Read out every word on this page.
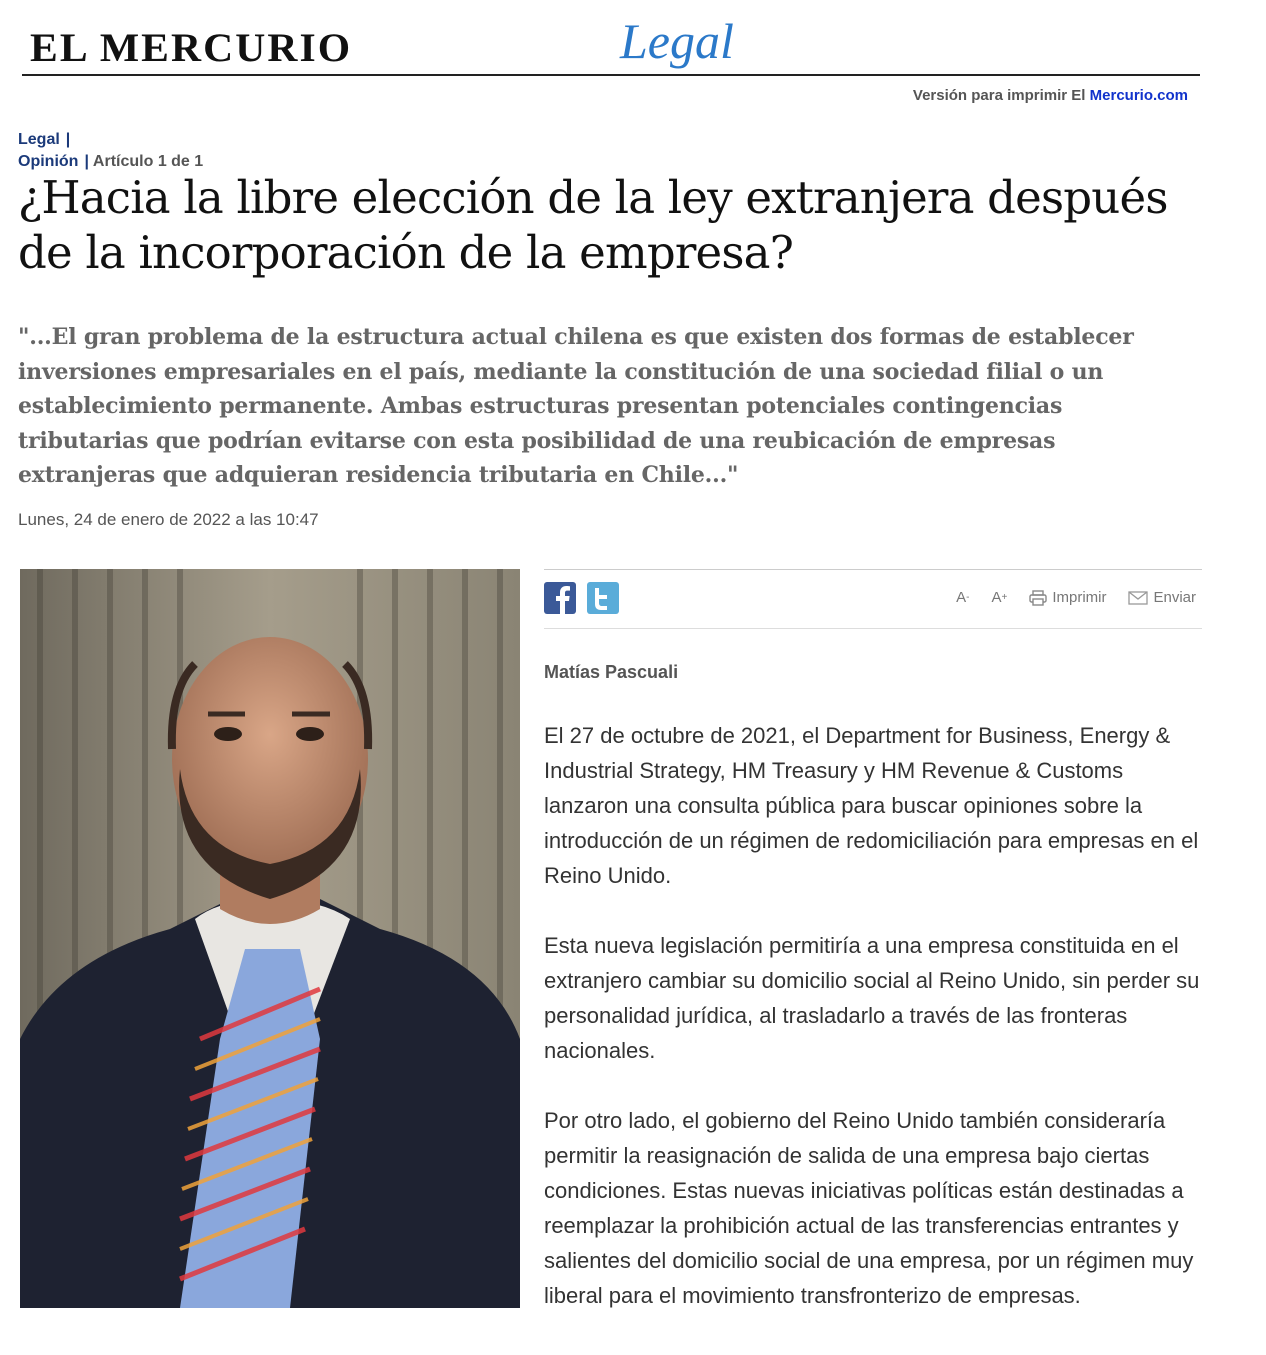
EL MERCURIO	Legal
Versión para imprimir El Mercurio.com
Legal |
Opinión | Artículo 1 de 1
¿Hacia la libre elección de la ley extranjera después de la incorporación de la empresa?
"...El gran problema de la estructura actual chilena es que existen dos formas de establecer inversiones empresariales en el país, mediante la constitución de una sociedad filial o un establecimiento permanente. Ambas estructuras presentan potenciales contingencias tributarias que podrían evitarse con esta posibilidad de una reubicación de empresas extranjeras que adquieran residencia tributaria en Chile..."
Lunes, 24 de enero de 2022 a las 10:47
A - A +	Imprimir	Enviar
Matías Pascuali

El 27 de octubre de 2021, el Department for Business, Energy & Industrial Strategy, HM Treasury y HM Revenue & Customs lanzaron una consulta pública para buscar opiniones sobre la introducción de un régimen de redomiciliación para empresas en el Reino Unido.

Esta nueva legislación permitiría a una empresa constituida en el extranjero cambiar su domicilio social al Reino Unido, sin perder su personalidad jurídica, al trasladarlo a través de las fronteras nacionales.

Por otro lado, el gobierno del Reino Unido también consideraría permitir la reasignación de salida de una empresa bajo ciertas condiciones. Estas nuevas iniciativas políticas están destinadas a reemplazar la prohibición actual de las transferencias entrantes y salientes del domicilio social de una empresa, por un régimen muy liberal para el movimiento transfronterizo de empresas.
